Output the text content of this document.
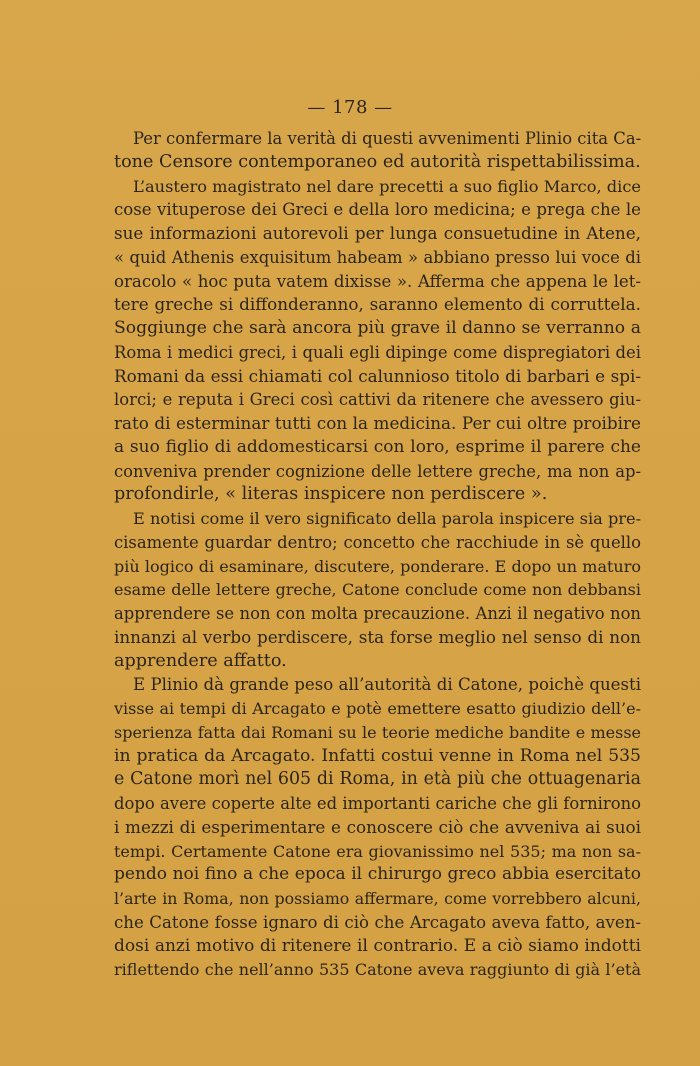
— 178 —
Per confermare la verità di questi avvenimenti Plinio cita Ca-
tone Censore contemporaneo ed autorità rispettabilissima.
L’austero magistrato nel dare precetti a suo figlio Marco, dice
cose vituperose dei Greci e della loro medicina; e prega che le
sue informazioni autorevoli per lunga consuetudine in Atene,
« quid Athenis exquisitum habeam » abbiano presso lui voce di
oracolo « hoc puta vatem dixisse ». Afferma che appena le let-
tere greche si diffonderanno, saranno elemento di corruttela.
Soggiunge che sarà ancora più grave il danno se verranno a
Roma i medici greci, i quali egli dipinge come dispregiatori dei
Romani da essi chiamati col calunnioso titolo di barbari e spi-
lorci; e reputa i Greci così cattivi da ritenere che avessero giu-
rato di esterminar tutti con la medicina. Per cui oltre proibire
a suo figlio di addomesticarsi con loro, esprime il parere che
conveniva prender cognizione delle lettere greche, ma non ap-
profondirle, « literas inspicere non perdiscere ».
E notisi come il vero significato della parola inspicere sia pre-
cisamente guardar dentro; concetto che racchiude in sè quello
più logico di esaminare, discutere, ponderare. E dopo un maturo
esame delle lettere greche, Catone conclude come non debbansi
apprendere se non con molta precauzione. Anzi il negativo non
innanzi al verbo perdiscere, sta forse meglio nel senso di non
apprendere affatto.
E Plinio dà grande peso all’autorità di Catone, poichè questi
visse ai tempi di Arcagato e potè emettere esatto giudizio dell’e-
sperienza fatta dai Romani su le teorie mediche bandite e messe
in pratica da Arcagato. Infatti costui venne in Roma nel 535
e Catone morì nel 605 di Roma, in età più che ottuagenaria
dopo avere coperte alte ed importanti cariche che gli fornirono
i mezzi di esperimentare e conoscere ciò che avveniva ai suoi
tempi. Certamente Catone era giovanissimo nel 535; ma non sa-
pendo noi fino a che epoca il chirurgo greco abbia esercitato
l’arte in Roma, non possiamo affermare, come vorrebbero alcuni,
che Catone fosse ignaro di ciò che Arcagato aveva fatto, aven-
dosi anzi motivo di ritenere il contrario. E a ciò siamo indotti
riflettendo che nell’anno 535 Catone aveva raggiunto di già l’età
